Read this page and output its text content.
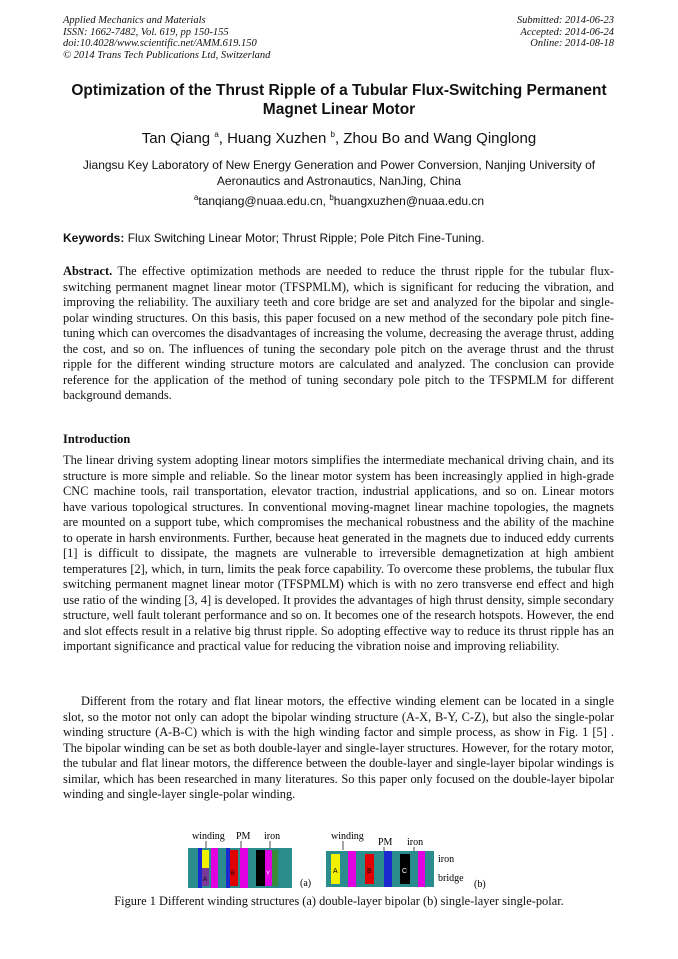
Applied Mechanics and Materials
ISSN: 1662-7482, Vol. 619, pp 150-155
doi:10.4028/www.scientific.net/AMM.619.150
© 2014 Trans Tech Publications Ltd, Switzerland
Submitted: 2014-06-23
Accepted: 2014-06-24
Online: 2014-08-18
Optimization of the Thrust Ripple of a Tubular Flux-Switching Permanent
Magnet Linear Motor
Tan Qiang $^a$, Huang Xuzhen $^b$, Zhou Bo and Wang Qinglong
Jiangsu Key Laboratory of New Energy Generation and Power Conversion, Nanjing University of
Aeronautics and Astronautics, NanJing, China
$^a$tanqiang@nuaa.edu.cn, $^b$huangxuzhen@nuaa.edu.cn
Keywords: Flux Switching Linear Motor; Thrust Ripple; Pole Pitch Fine-Tuning.

Abstract. The effective optimization methods are needed to reduce the thrust ripple for the tubular flux-switching permanent magnet linear motor (TFSPMLM), which is significant for reducing the vibration, and improving the reliability. The auxiliary teeth and core bridge are set and analyzed for the bipolar and single-polar winding structures. On this basis, this paper focused on a new method of the secondary pole pitch fine-tuning which can overcomes the disadvantages of increasing the volume, decreasing the average thrust, adding the cost, and so on. The influences of tuning the secondary pole pitch on the average thrust and the thrust ripple for the different winding structure motors are calculated and analyzed. The conclusion can provide reference for the application of the method of tuning secondary pole pitch to the TFSPMLM for different background demands.

Introduction

The linear driving system adopting linear motors simplifies the intermediate mechanical driving chain, and its structure is more simple and reliable. So the linear motor system has been increasingly applied in high-grade CNC machine tools, rail transportation, elevator traction, industrial applications, and so on. Linear motors have various topological structures. In conventional moving-magnet linear machine topologies, the magnets are mounted on a support tube, which compromises the mechanical robustness and the ability of the machine to operate in harsh environments. Further, because heat generated in the magnets due to induced eddy currents [1] is difficult to dissipate, the magnets are vulnerable to irreversible demagnetization at high ambient temperatures [2], which, in turn, limits the peak force capability. To overcome these problems, the tubular flux switching permanent magnet linear motor (TFSPMLM) which is with no zero transverse end effect and high use ratio of the winding [3, 4] is developed. It provides the advantages of high thrust density, simple secondary structure, well fault tolerant performance and so on. It becomes one of the research hotspots. However, the end and slot effects result in a relative big thrust ripple. So adopting effective way to reduce its thrust ripple has an important significance and practical value for reducing the vibration noise and improving reliability.

Different from the rotary and flat linear motors, the effective winding element can be located in a single slot, so the motor not only can adopt the bipolar winding structure (A-X, B-Y, C-Z), but also the single-polar winding structure (A-B-C) which is with the high winding factor and simple process, as show in Fig. 1 [5] . The bipolar winding can be set as both double-layer and single-layer structures. However, for the rotary motor, the tubular and flat linear motors, the difference between the double-layer and single-layer bipolar windings is similar, which has been researched in many literatures. So this paper only focused on the double-layer bipolar winding and single-layer single-polar winding.

winding PM iron
A
B	Y
(a)
winding
PM iron
A	B	C
iron
bridge
(b)
Figure 1 Different winding structures (a) double-layer bipolar (b) single-layer single-polar.
